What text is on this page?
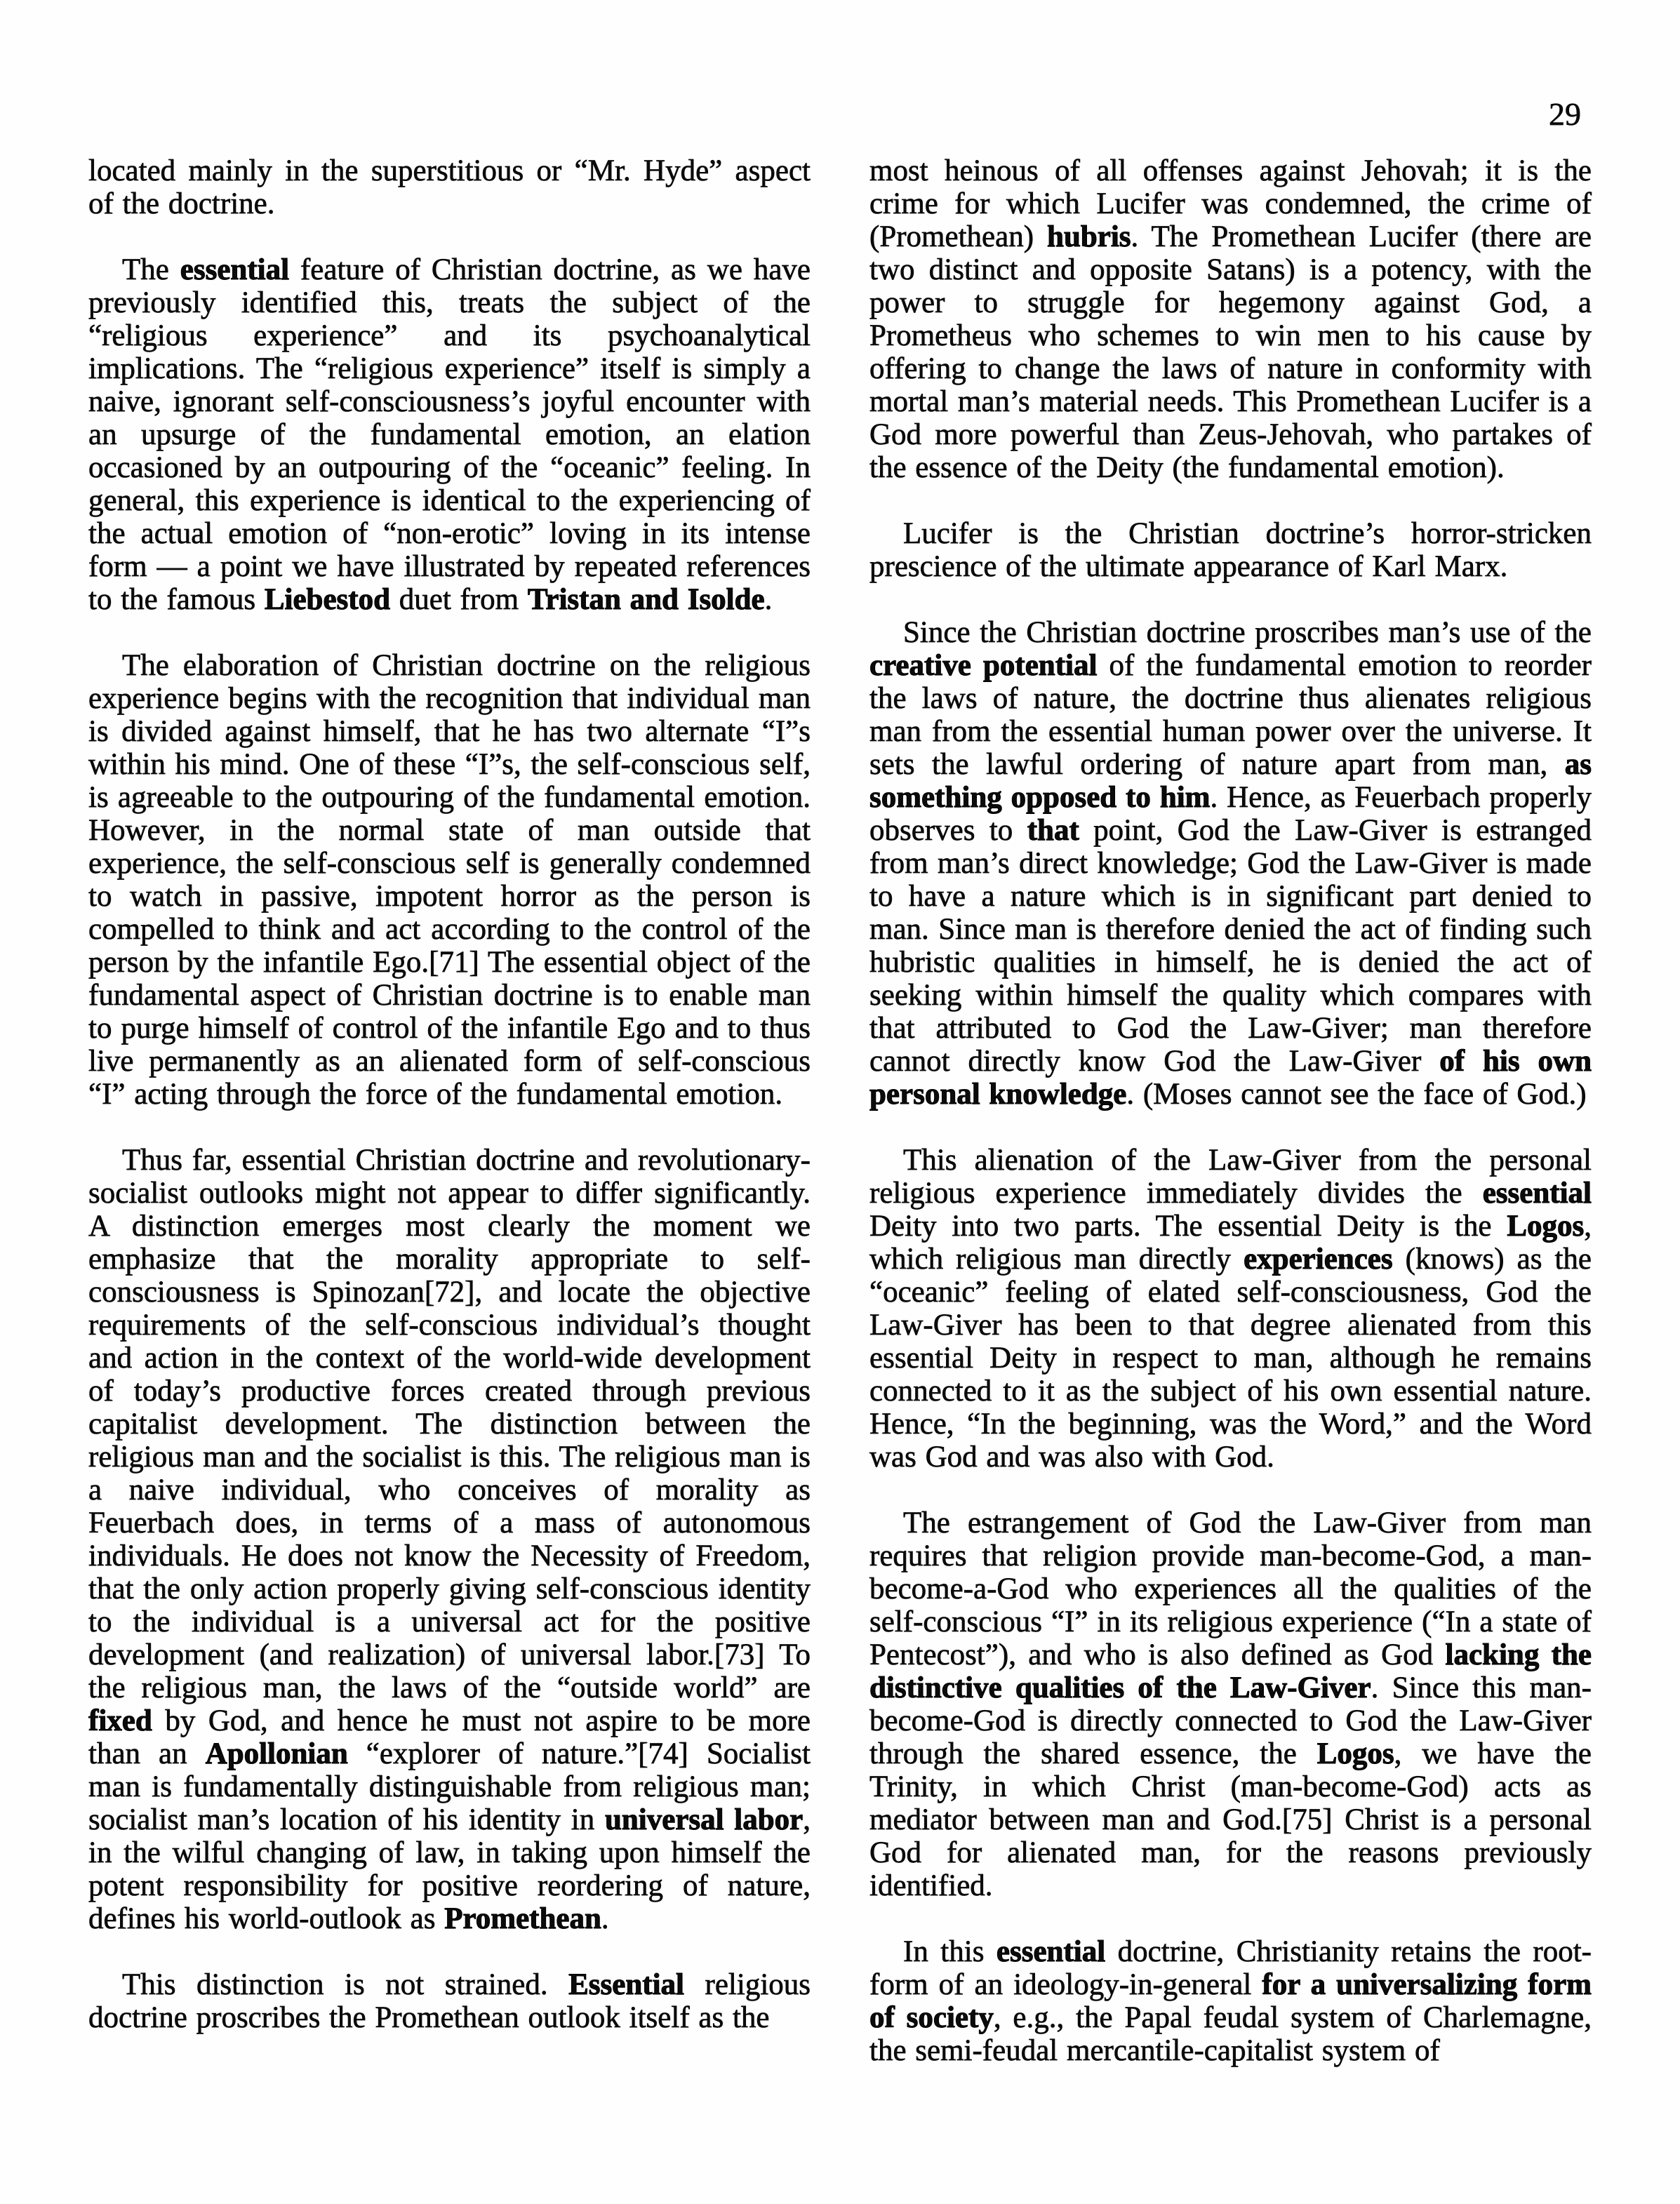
29

located mainly in the superstitious or “Mr. Hyde” aspect of the doctrine.

The essential feature of Christian doctrine, as we have previously identified this, treats the subject of the “religious experience” and its psychoanalytical implications. The “religious experience” itself is simply a naive, ignorant self-consciousness’s joyful encounter with an upsurge of the fundamental emotion, an elation occasioned by an outpouring of the “oceanic” feeling. In general, this experience is identical to the experiencing of the actual emotion of “non-erotic” loving in its intense form — a point we have illustrated by repeated references to the famous Liebestod duet from Tristan and Isolde.

The elaboration of Christian doctrine on the religious experience begins with the recognition that individual man is divided against himself, that he has two alternate “I”s within his mind. One of these “I”s, the self-conscious self, is agreeable to the outpouring of the fundamental emotion. However, in the normal state of man outside that experience, the self-conscious self is generally condemned to watch in passive, impotent horror as the person is compelled to think and act according to the control of the person by the infantile Ego.[71] The essential object of the fundamental aspect of Christian doctrine is to enable man to purge himself of control of the infantile Ego and to thus live permanently as an alienated form of self-conscious “I” acting through the force of the fundamental emotion.

Thus far, essential Christian doctrine and revolutionary-socialist outlooks might not appear to differ significantly. A distinction emerges most clearly the moment we emphasize that the morality appropriate to self-consciousness is Spinozan[72], and locate the objective requirements of the self-conscious individual’s thought and action in the context of the world-wide development of today’s productive forces created through previous capitalist development. The distinction between the religious man and the socialist is this. The religious man is a naive individual, who conceives of morality as Feuerbach does, in terms of a mass of autonomous individuals. He does not know the Necessity of Freedom, that the only action properly giving self-conscious identity to the individual is a universal act for the positive development (and realization) of universal labor.[73] To the religious man, the laws of the “outside world” are fixed by God, and hence he must not aspire to be more than an Apollonian “explorer of nature.”[74] Socialist man is fundamentally distinguishable from religious man; socialist man’s location of his identity in universal labor, in the wilful changing of law, in taking upon himself the potent responsibility for positive reordering of nature, defines his world-outlook as Promethean.

This distinction is not strained. Essential religious doctrine proscribes the Promethean outlook itself as the

most heinous of all offenses against Jehovah; it is the crime for which Lucifer was condemned, the crime of (Promethean) hubris. The Promethean Lucifer (there are two distinct and opposite Satans) is a potency, with the power to struggle for hegemony against God, a Prometheus who schemes to win men to his cause by offering to change the laws of nature in conformity with mortal man’s material needs. This Promethean Lucifer is a God more powerful than Zeus-Jehovah, who partakes of the essence of the Deity (the fundamental emotion).

Lucifer is the Christian doctrine’s horror-stricken prescience of the ultimate appearance of Karl Marx.

Since the Christian doctrine proscribes man’s use of the creative potential of the fundamental emotion to reorder the laws of nature, the doctrine thus alienates religious man from the essential human power over the universe. It sets the lawful ordering of nature apart from man, as something opposed to him. Hence, as Feuerbach properly observes to that point, God the Law-Giver is estranged from man’s direct knowledge; God the Law-Giver is made to have a nature which is in significant part denied to man. Since man is therefore denied the act of finding such hubristic qualities in himself, he is denied the act of seeking within himself the quality which compares with that attributed to God the Law-Giver; man therefore cannot directly know God the Law-Giver of his own personal knowledge. (Moses cannot see the face of God.)

This alienation of the Law-Giver from the personal religious experience immediately divides the essential Deity into two parts. The essential Deity is the Logos, which religious man directly experiences (knows) as the “oceanic” feeling of elated self-consciousness, God the Law-Giver has been to that degree alienated from this essential Deity in respect to man, although he remains connected to it as the subject of his own essential nature. Hence, “In the beginning, was the Word,” and the Word was God and was also with God.

The estrangement of God the Law-Giver from man requires that religion provide man-become-God, a man-become-a-God who experiences all the qualities of the self-conscious “I” in its religious experience (“In a state of Pentecost”), and who is also defined as God lacking the distinctive qualities of the Law-Giver. Since this man-become-God is directly connected to God the Law-Giver through the shared essence, the Logos, we have the Trinity, in which Christ (man-become-God) acts as mediator between man and God.[75] Christ is a personal God for alienated man, for the reasons previously identified.

In this essential doctrine, Christianity retains the root-form of an ideology-in-general for a universalizing form of society, e.g., the Papal feudal system of Charlemagne, the semi-feudal mercantile-capitalist system of
